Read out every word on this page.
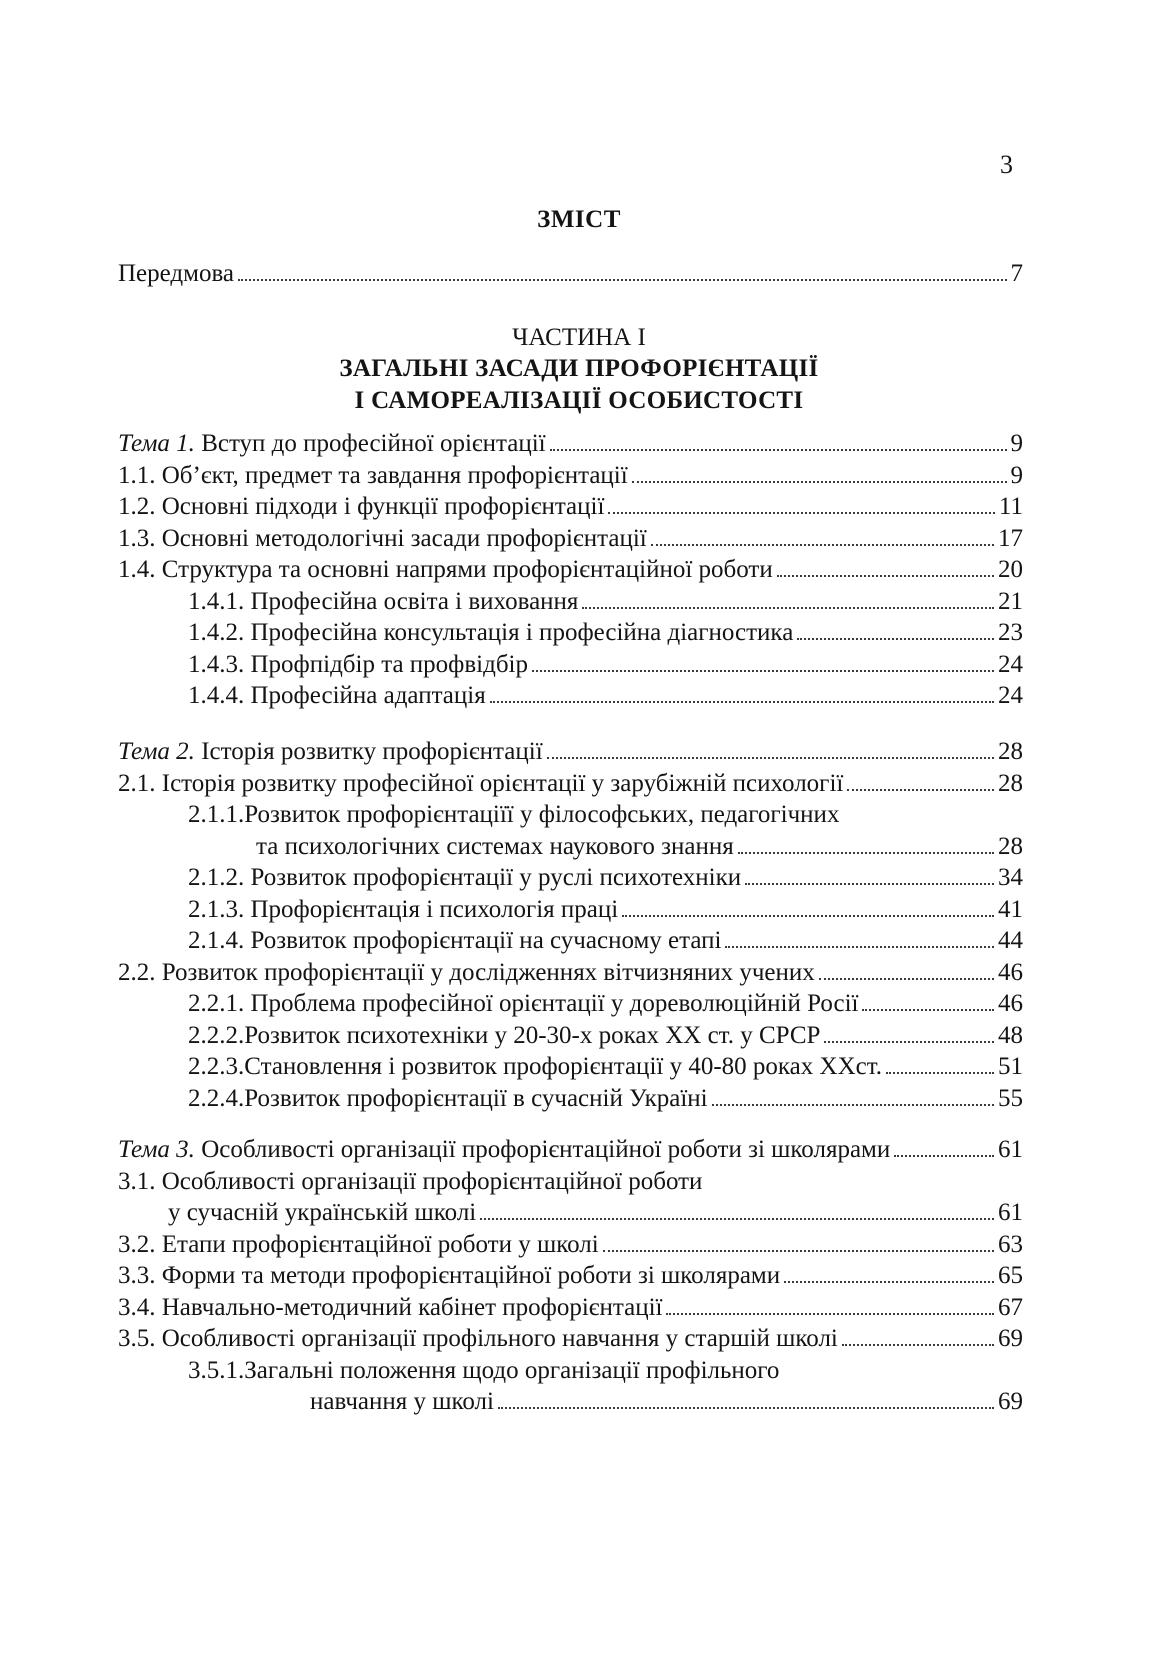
3
ЗМІСТ
Передмова	7
ЧАСТИНА І
ЗАГАЛЬНІ ЗАСАДИ ПРОФОРІЄНТАЦІЇ
І САМОРЕАЛІЗАЦІЇ ОСОБИСТОСТІ
Тема 1. Вступ до професійної орієнтації	9
1.1. Об’єкт, предмет та завдання профорієнтації	9
1.2. Основні підходи і функції профорієнтації	11
1.3. Основні методологічні засади профорієнтації	17
1.4. Структура та основні напрями профорієнтаційної роботи	20
1.4.1. Професійна освіта і виховання	21
1.4.2. Професійна консультація і професійна діагностика	23
1.4.3. Профпідбір та профвідбір	24
1.4.4. Професійна адаптація	24
Тема 2. Історія розвитку профорієнтації	28
2.1. Історія розвитку професійної орієнтації у зарубіжній психології	28
2.1.1.Розвиток профорієнтаціїї у філософських, педагогічних
та психологічних системах наукового знання	28
2.1.2. Розвиток профорієнтації у руслі психотехніки	34
2.1.3. Профорієнтація і психологія праці	41
2.1.4. Розвиток профорієнтації на сучасному етапі	44
2.2. Розвиток профорієнтації у дослідженнях вітчизняних учених	46
2.2.1. Проблема професійної орієнтації у дореволюційній Росії	46
2.2.2.Розвиток психотехніки у 20-30-х роках ХХ ст. у СРСР	48
2.2.3.Становлення і розвиток профорієнтації у 40-80 роках ХХст.	51
2.2.4.Розвиток профорієнтації в сучасній Україні	55
Тема 3. Особливості організації профорієнтаційної роботи зі школярами	61
3.1. Особливості організації профорієнтаційної роботи
у сучасній українській школі	61
3.2. Етапи профорієнтаційної роботи у школі	63
3.3. Форми та методи профорієнтаційної роботи зі школярами	65
3.4. Навчально-методичний кабінет профорієнтації	67
3.5. Особливості організації профільного навчання у старшій школі	69
3.5.1.Загальні положення щодо організації профільного
навчання у школі	69
